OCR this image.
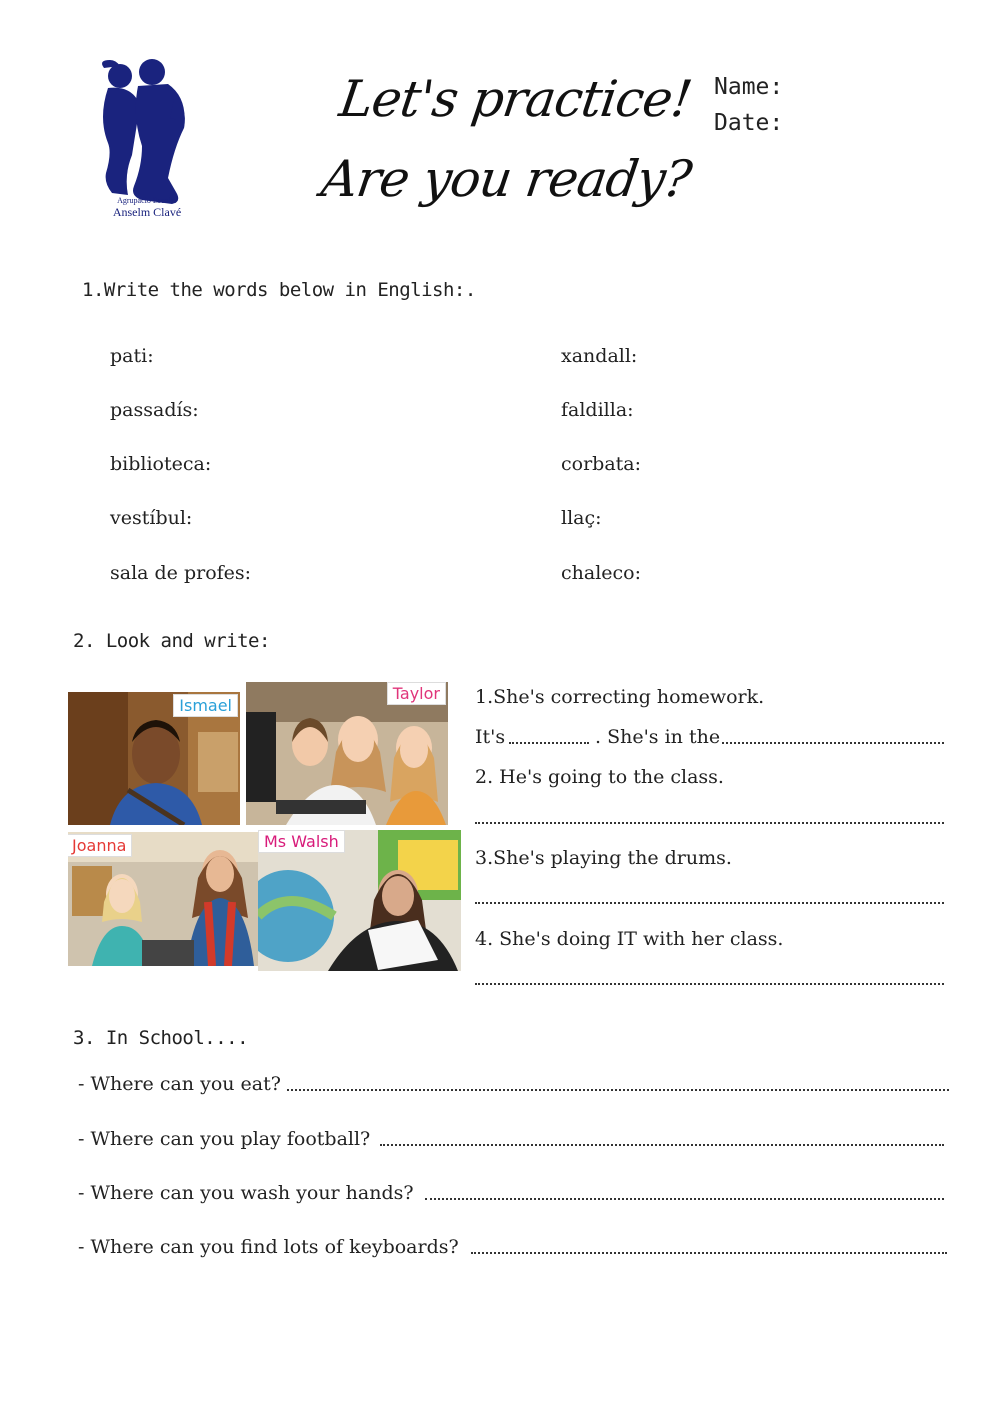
Agrupació Escolar
Anselm Clavé
Let's practice!
Are you ready?
Name:
Date:
1.Write the words below in English:.
pati:
passadís:
biblioteca:
vestíbul:
sala de profes:
xandall:
faldilla:
corbata:
llaç:
chaleco:
2. Look and write:
Ismael
Taylor
Joanna	Ms Walsh
1.She's correcting homework.
It's	. She's in the
2. He's going to the class.
3.She's playing the drums.
4. She's doing IT with her class.
3. In School....
- Where can you eat?
- Where can you play football?
- Where can you wash your hands?
- Where can you find lots of keyboards?
